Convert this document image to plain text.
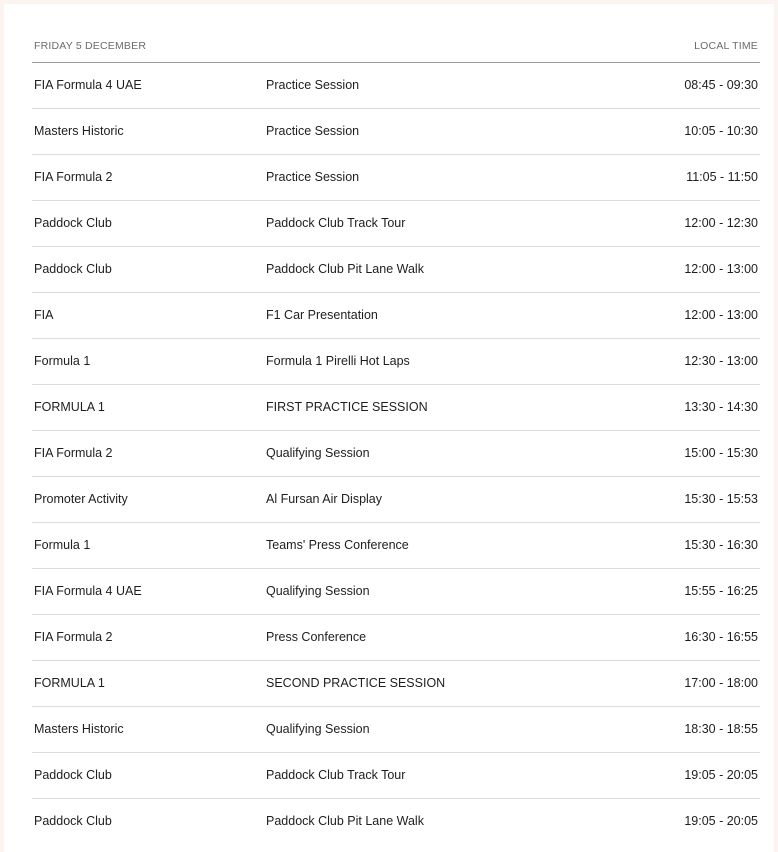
FRIDAY 5 DECEMBER	LOCAL TIME
FIA Formula 4 UAE	Practice Session	08:45 - 09:30
Masters Historic	Practice Session	10:05 - 10:30
FIA Formula 2	Practice Session	11:05 - 11:50
Paddock Club	Paddock Club Track Tour	12:00 - 12:30
Paddock Club	Paddock Club Pit Lane Walk	12:00 - 13:00
FIA	F1 Car Presentation	12:00 - 13:00
Formula 1	Formula 1 Pirelli Hot Laps	12:30 - 13:00
FORMULA 1	FIRST PRACTICE SESSION	13:30 - 14:30
FIA Formula 2	Qualifying Session	15:00 - 15:30
Promoter Activity	Al Fursan Air Display	15:30 - 15:53
Formula 1	Teams' Press Conference	15:30 - 16:30
FIA Formula 4 UAE	Qualifying Session	15:55 - 16:25
FIA Formula 2	Press Conference	16:30 - 16:55
FORMULA 1	SECOND PRACTICE SESSION	17:00 - 18:00
Masters Historic	Qualifying Session	18:30 - 18:55
Paddock Club	Paddock Club Track Tour	19:05 - 20:05
Paddock Club	Paddock Club Pit Lane Walk	19:05 - 20:05
